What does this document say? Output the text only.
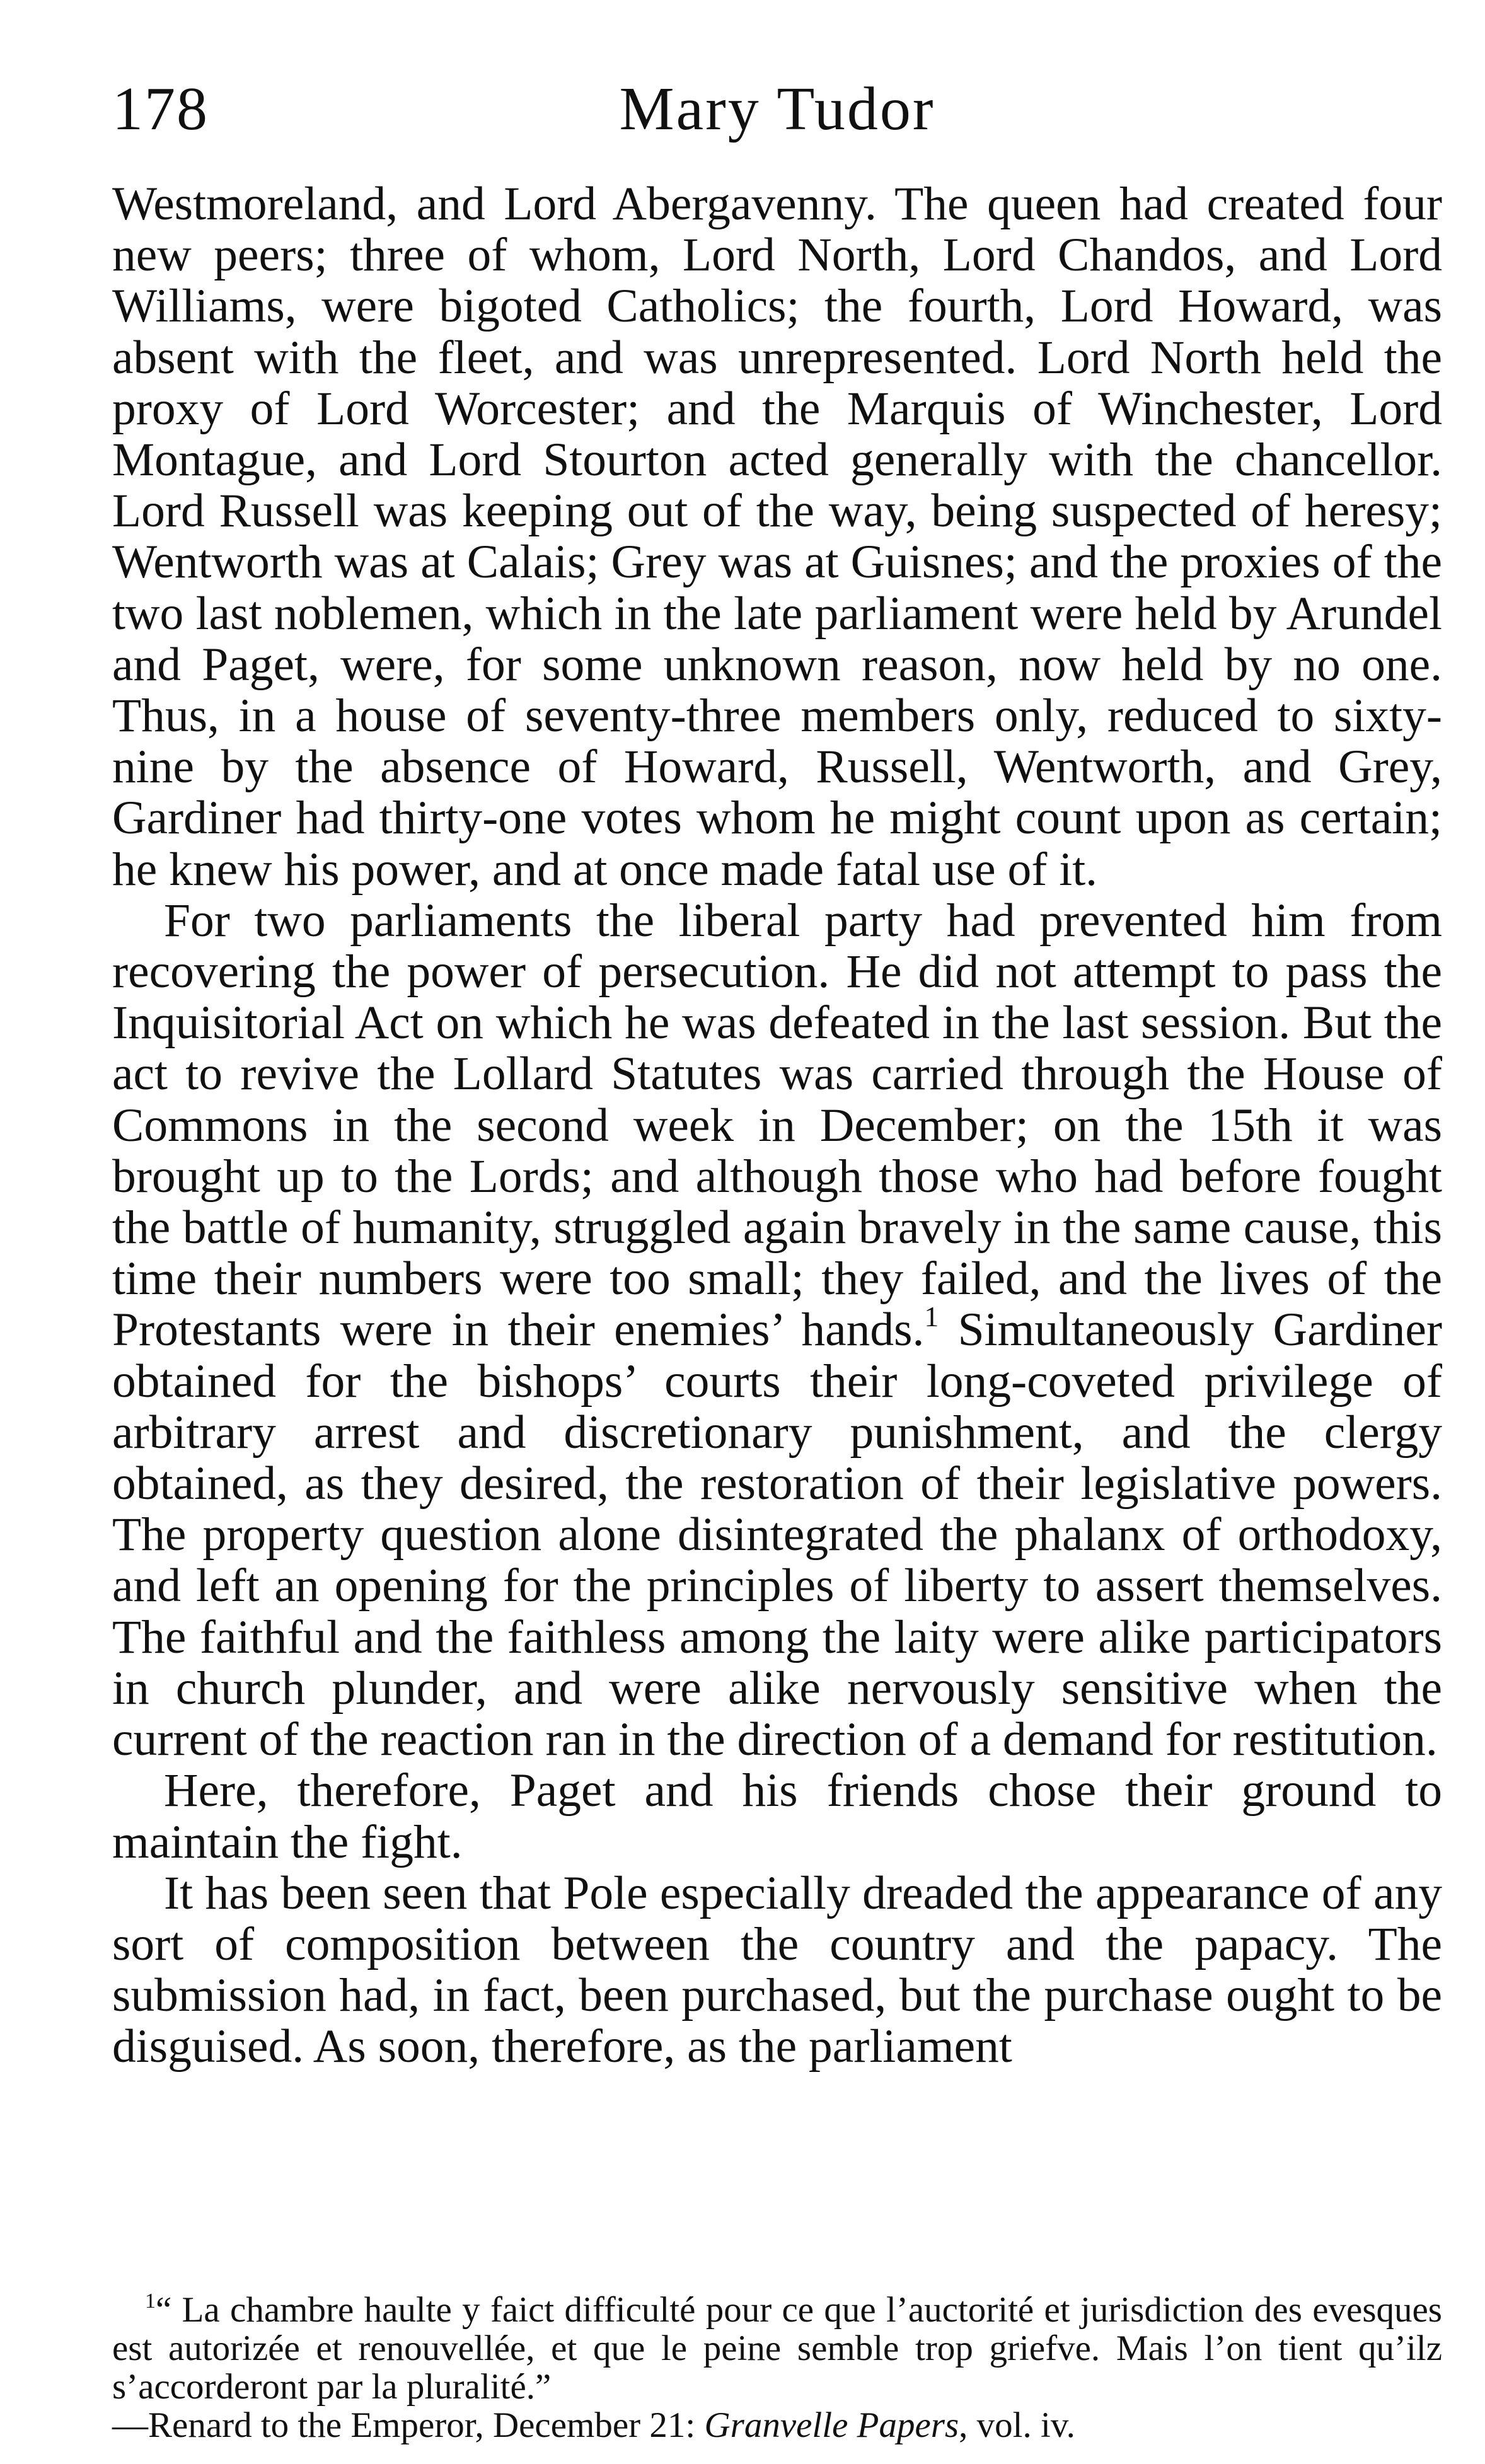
178	Mary Tudor

Westmoreland, and Lord Abergavenny. The queen had created four new peers; three of whom, Lord North, Lord Chandos, and Lord Williams, were bigoted Catholics; the fourth, Lord Howard, was absent with the fleet, and was unrepresented. Lord North held the proxy of Lord Worcester; and the Marquis of Winchester, Lord Montague, and Lord Stourton acted generally with the chancellor. Lord Russell was keeping out of the way, being suspected of heresy; Wentworth was at Calais; Grey was at Guisnes; and the proxies of the two last noblemen, which in the late parliament were held by Arundel and Paget, were, for some unknown reason, now held by no one. Thus, in a house of seventy-three members only, reduced to sixty-nine by the absence of Howard, Russell, Wentworth, and Grey, Gardiner had thirty-one votes whom he might count upon as certain; he knew his power, and at once made fatal use of it.

For two parliaments the liberal party had prevented him from recovering the power of persecution. He did not attempt to pass the Inquisitorial Act on which he was defeated in the last session. But the act to revive the Lollard Statutes was carried through the House of Commons in the second week in December; on the 15th it was brought up to the Lords; and although those who had before fought the battle of humanity, struggled again bravely in the same cause, this time their numbers were too small; they failed, and the lives of the Protestants were in their enemies’ hands.$^1$ Simultaneously Gardiner obtained for the bishops’ courts their long-coveted privilege of arbitrary arrest and discretionary punishment, and the clergy obtained, as they desired, the restoration of their legislative powers. The property question alone disintegrated the phalanx of orthodoxy, and left an opening for the principles of liberty to assert themselves. The faithful and the faithless among the laity were alike participators in church plunder, and were alike nervously sensitive when the current of the reaction ran in the direction of a demand for restitution.

Here, therefore, Paget and his friends chose their ground to maintain the fight.

It has been seen that Pole especially dreaded the appearance of any sort of composition between the country and the papacy. The submission had, in fact, been purchased, but the purchase ought to be disguised. As soon, therefore, as the parliament

$^1$“ La chambre haulte y faict difficulté pour ce que l’auctorité et jurisdiction des evesques est autorizée et renouvellée, et que le peine semble trop griefve. Mais l’on tient qu’ilz s’accorderont par la pluralité.”
—Renard to the Emperor, December 21: Granvelle Papers, vol. iv.
